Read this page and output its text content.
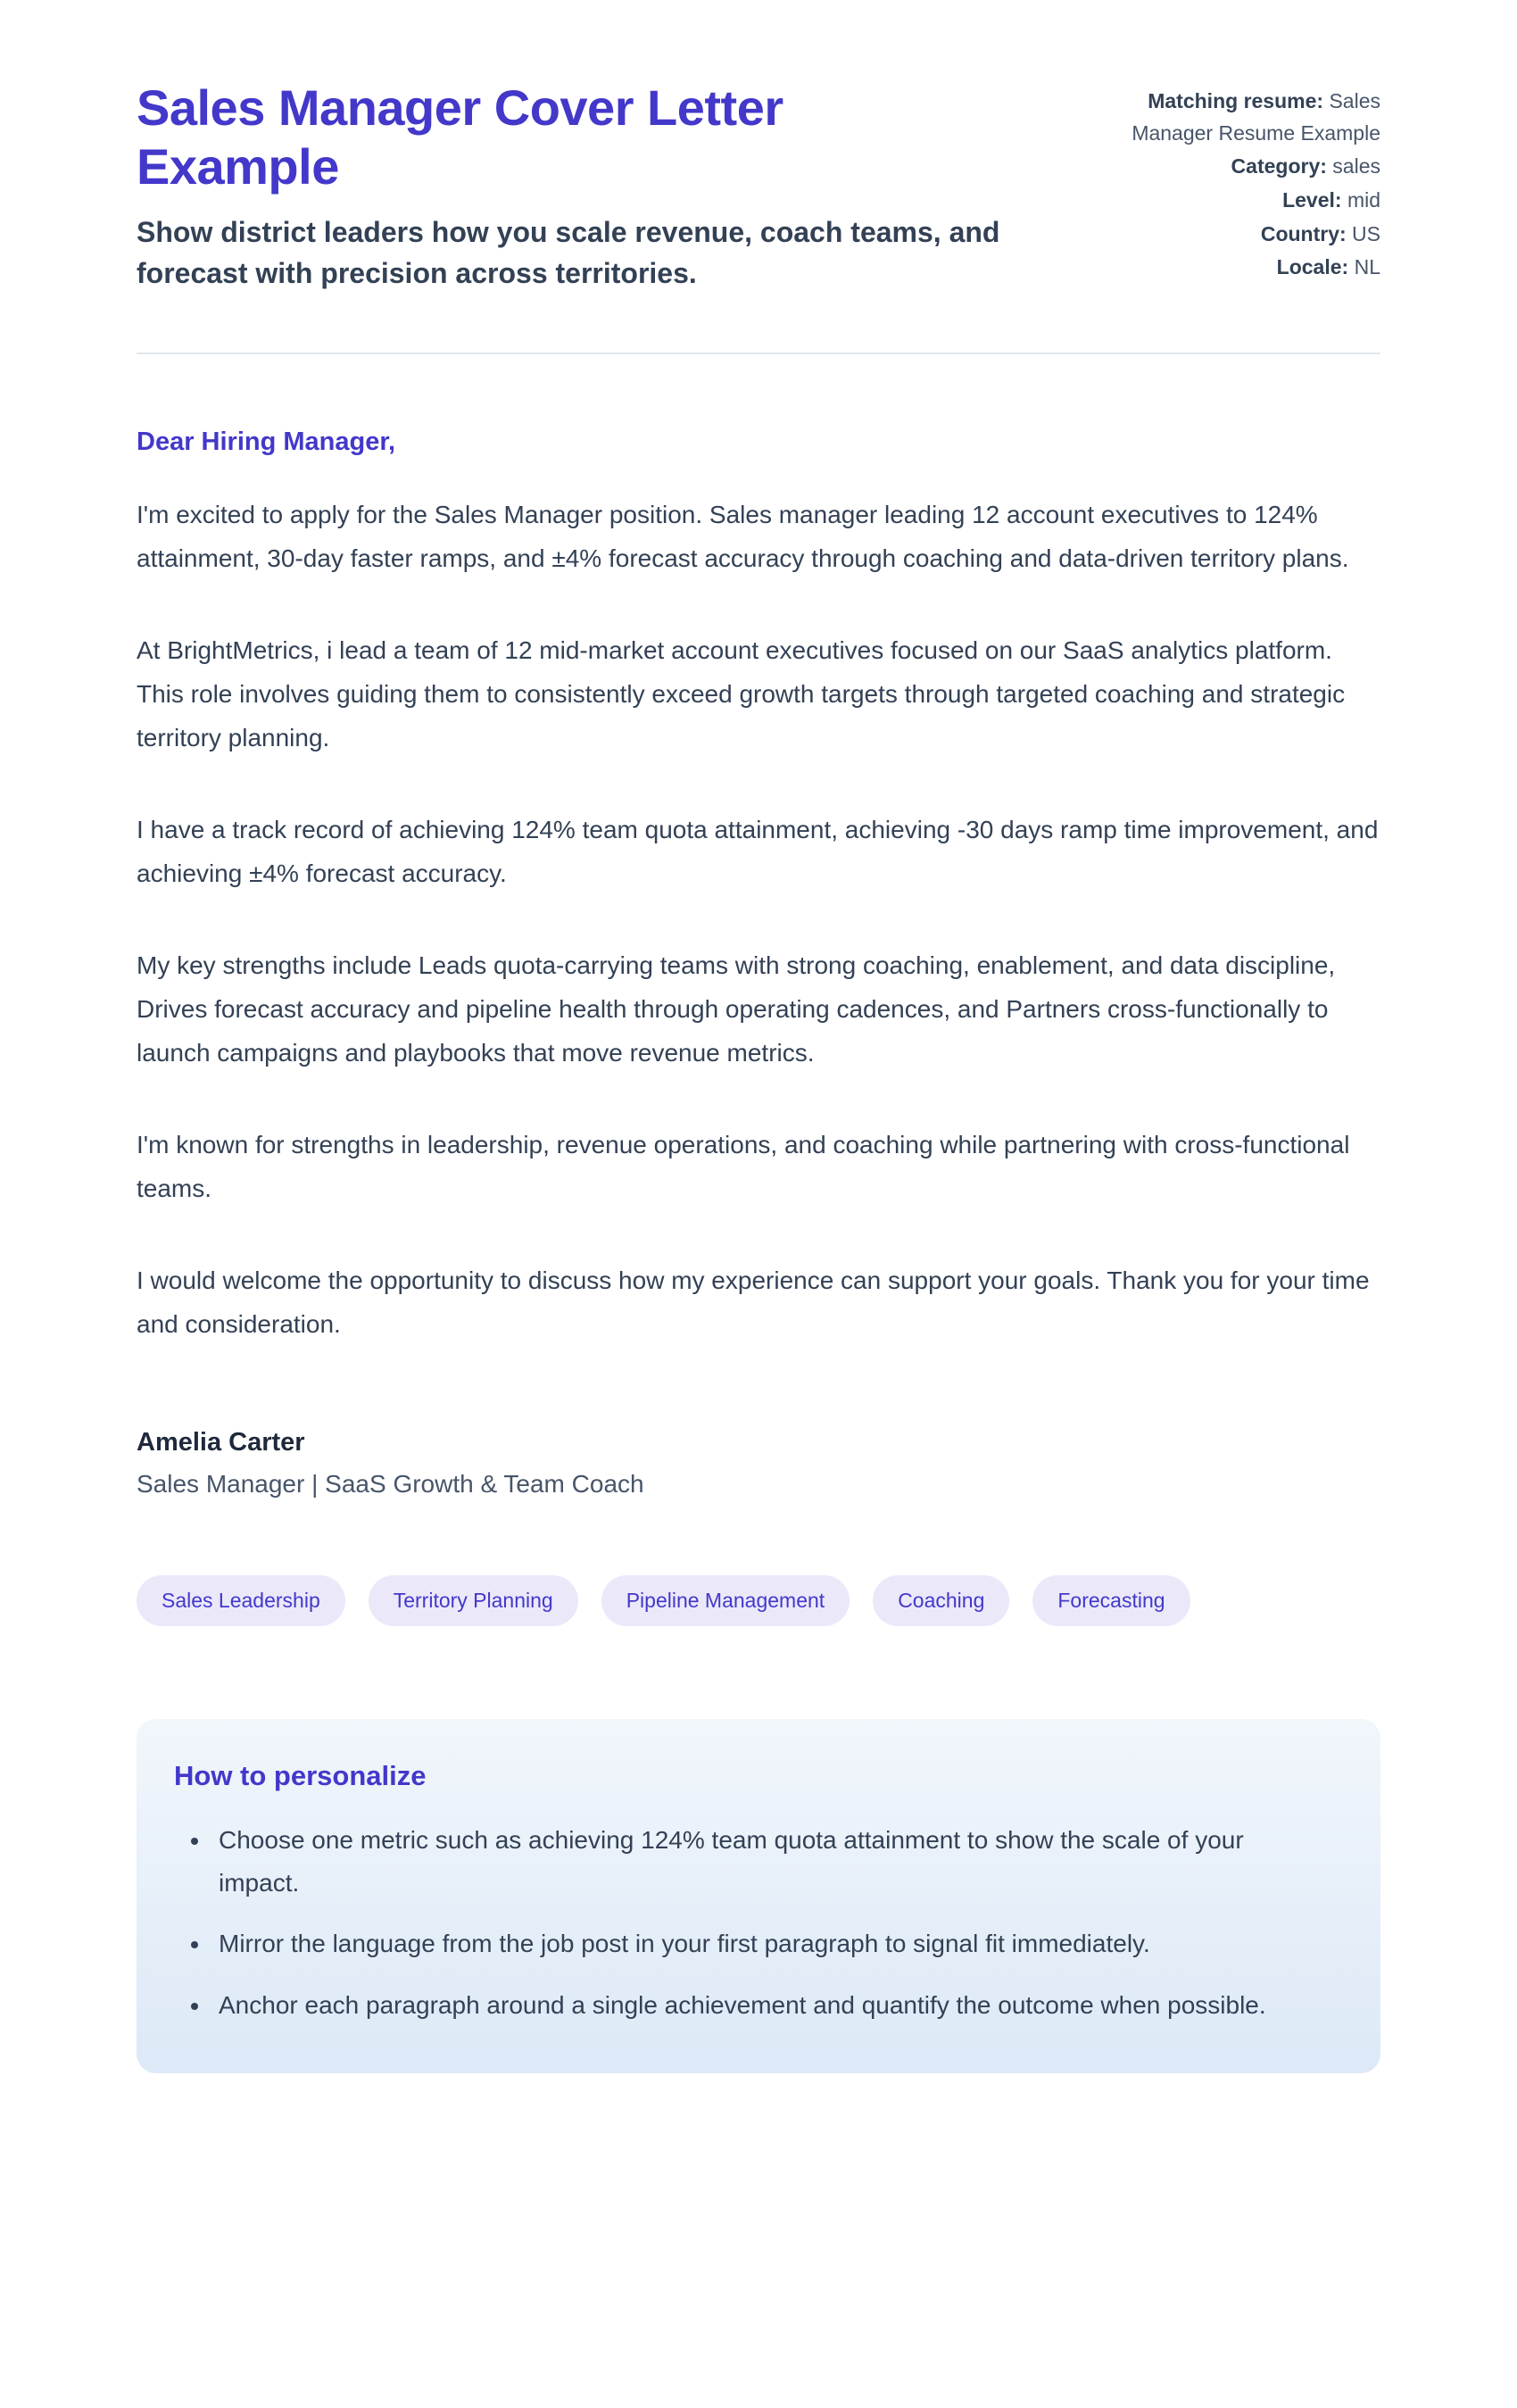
Sales Manager Cover Letter Example

Show district leaders how you scale revenue, coach teams, and forecast with precision across territories.

Matching resume: Sales Manager Resume Example

Category: sales

Level: mid

Country: US

Locale: NL

Dear Hiring Manager,

I'm excited to apply for the Sales Manager position. Sales manager leading 12 account executives to 124% attainment, 30-day faster ramps, and ±4% forecast accuracy through coaching and data-driven territory plans.

At BrightMetrics, i lead a team of 12 mid-market account executives focused on our SaaS analytics platform. This role involves guiding them to consistently exceed growth targets through targeted coaching and strategic territory planning.

I have a track record of achieving 124% team quota attainment, achieving -30 days ramp time improvement, and achieving ±4% forecast accuracy.

My key strengths include Leads quota-carrying teams with strong coaching, enablement, and data discipline, Drives forecast accuracy and pipeline health through operating cadences, and Partners cross-functionally to launch campaigns and playbooks that move revenue metrics.

I'm known for strengths in leadership, revenue operations, and coaching while partnering with cross-functional teams.

I would welcome the opportunity to discuss how my experience can support your goals. Thank you for your time and consideration.

Amelia Carter

Sales Manager | SaaS Growth & Team Coach

Sales Leadership	Territory Planning	Pipeline Management	Coaching	Forecasting
How to personalize
• Choose one metric such as achieving 124% team quota attainment to show the scale of your impact.
• Mirror the language from the job post in your first paragraph to signal fit immediately.
• Anchor each paragraph around a single achievement and quantify the outcome when possible.
